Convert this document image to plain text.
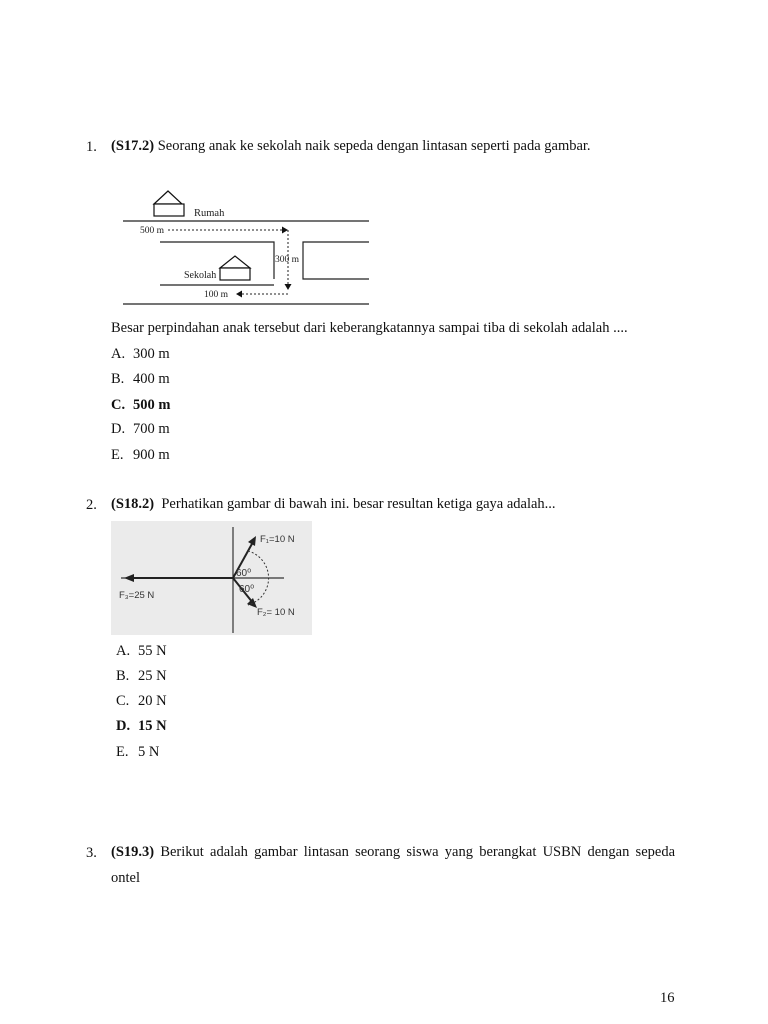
1. (S17.2) Seorang anak ke sekolah naik sepeda dengan lintasan seperti pada gambar.
Rumah
500 m
300 m
Sekolah
100 m
Besar perpindahan anak tersebut dari keberangkatannya sampai tiba di sekolah adalah ....
A. 300 m
B. 400 m
C. 500 m
D. 700 m
E. 900 m
2. (S18.2) Perhatikan gambar di bawah ini. besar resultan ketiga gaya adalah...
F₁=10 N
60⁰
60⁰
F₃=25 N
F₂= 10 N
A. 55 N
B. 25 N
C. 20 N
D. 15 N
E. 5 N
3. (S19.3) Berikut adalah gambar lintasan seorang siswa yang berangkat USBN dengan sepeda ontel
16
